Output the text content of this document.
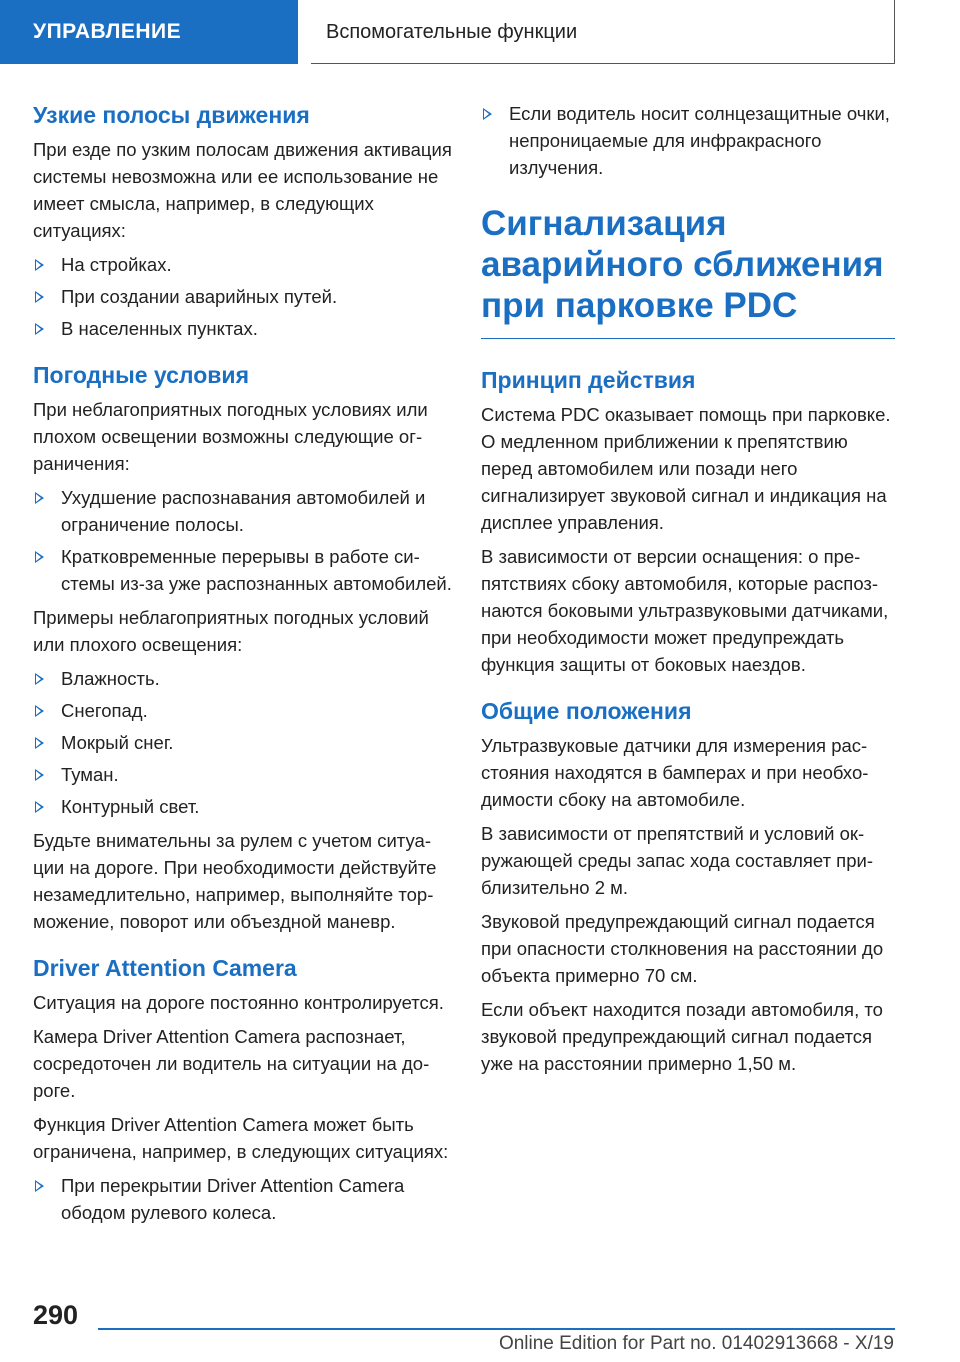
УПРАВЛЕНИЕ	Вспомогательные функции
Узкие полосы движения

При езде по узким полосам движения активация системы невозможна или ее использование не имеет смысла, например, в следующих ситуациях:

На стройках.
При создании аварийных путей.
В населенных пунктах.
Погодные условия

При неблагоприятных погодных условиях или плохом освещении возможны следующие ограничения:

Ухудшение распознавания автомобилей и ограничение полосы.
Кратковременные перерывы в работе системы из-за уже распознанных автомобилей.

Примеры неблагоприятных погодных условий или плохого освещения:

Влажность.
Снегопад.
Мокрый снег.
Туман.
Контурный свет.

Будьте внимательны за рулем с учетом ситуации на дороге. При необходимости действуйте незамедлительно, например, выполняйте торможение, поворот или объездной маневр.

Driver Attention Camera

Ситуация на дороге постоянно контролируется.

Камера Driver Attention Camera распознает, сосредоточен ли водитель на ситуации на дороге.

Функция Driver Attention Camera может быть ограничена, например, в следующих ситуациях:

При перекрытии Driver Attention Camera ободом рулевого колеса.
Если водитель носит солнцезащитные очки, непроницаемые для инфракрасного излучения.
Сигнализация аварийного сближения при парковке PDC
Принцип действия

Система PDC оказывает помощь при парковке. О медленном приближении к препятствию перед автомобилем или позади него сигнализирует звуковой сигнал и индикация на дисплее управления.

В зависимости от версии оснащения: о препятствиях сбоку автомобиля, которые распознаются боковыми ультразвуковыми датчиками, при необходимости может предупреждать функция защиты от боковых наездов.

Общие положения

Ультразвуковые датчики для измерения расстояния находятся в бамперах и при необходимости сбоку на автомобиле.

В зависимости от препятствий и условий окружающей среды запас хода составляет приблизительно 2 м.

Звуковой предупреждающий сигнал подается при опасности столкновения на расстоянии до объекта примерно 70 см.

Если объект находится позади автомобиля, то звуковой предупреждающий сигнал подается уже на расстоянии примерно 1,50 м.

290
Online Edition for Part no. 01402913668 - X/19
